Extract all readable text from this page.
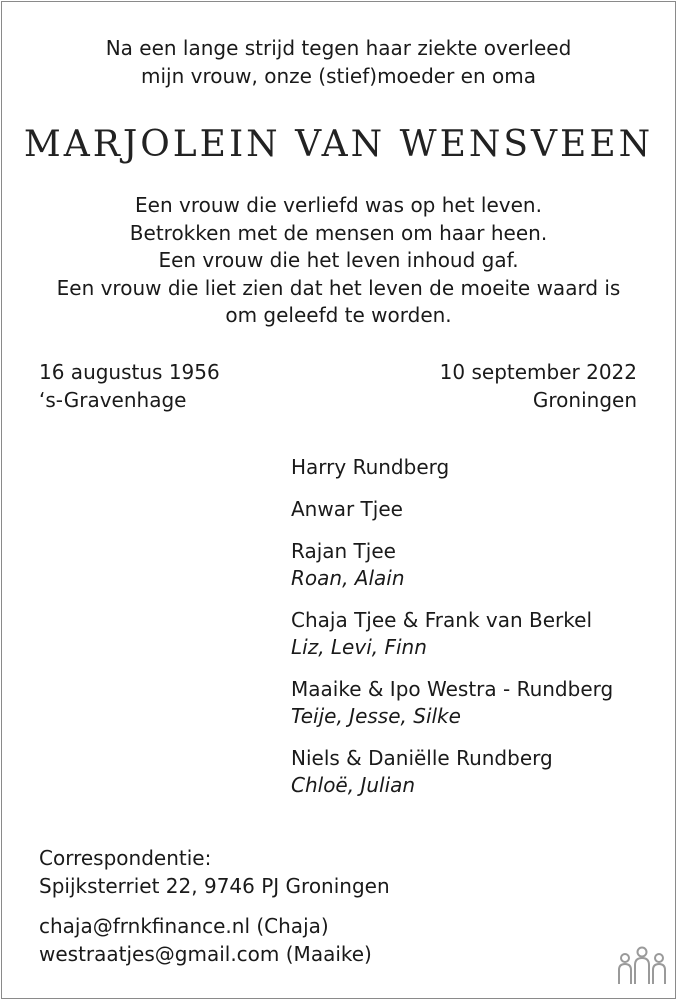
Na een lange strijd tegen haar ziekte overleed
mijn vrouw, onze (stief)moeder en oma
MARJOLEIN VAN WENSVEEN
Een vrouw die verliefd was op het leven.
Betrokken met de mensen om haar heen.
Een vrouw die het leven inhoud gaf.
Een vrouw die liet zien dat het leven de moeite waard is
om geleefd te worden.
16 augustus 1956
‘s-Gravenhage
10 september 2022
Groningen
Harry Rundberg
Anwar Tjee
Rajan Tjee
Roan, Alain
Chaja Tjee & Frank van Berkel
Liz, Levi, Finn
Maaike & Ipo Westra - Rundberg
Teije, Jesse, Silke
Niels & Daniëlle Rundberg
Chloë, Julian
Correspondentie:
Spijksterriet 22, 9746 PJ Groningen
chaja@frnkfinance.nl (Chaja)
westraatjes@gmail.com (Maaike)
